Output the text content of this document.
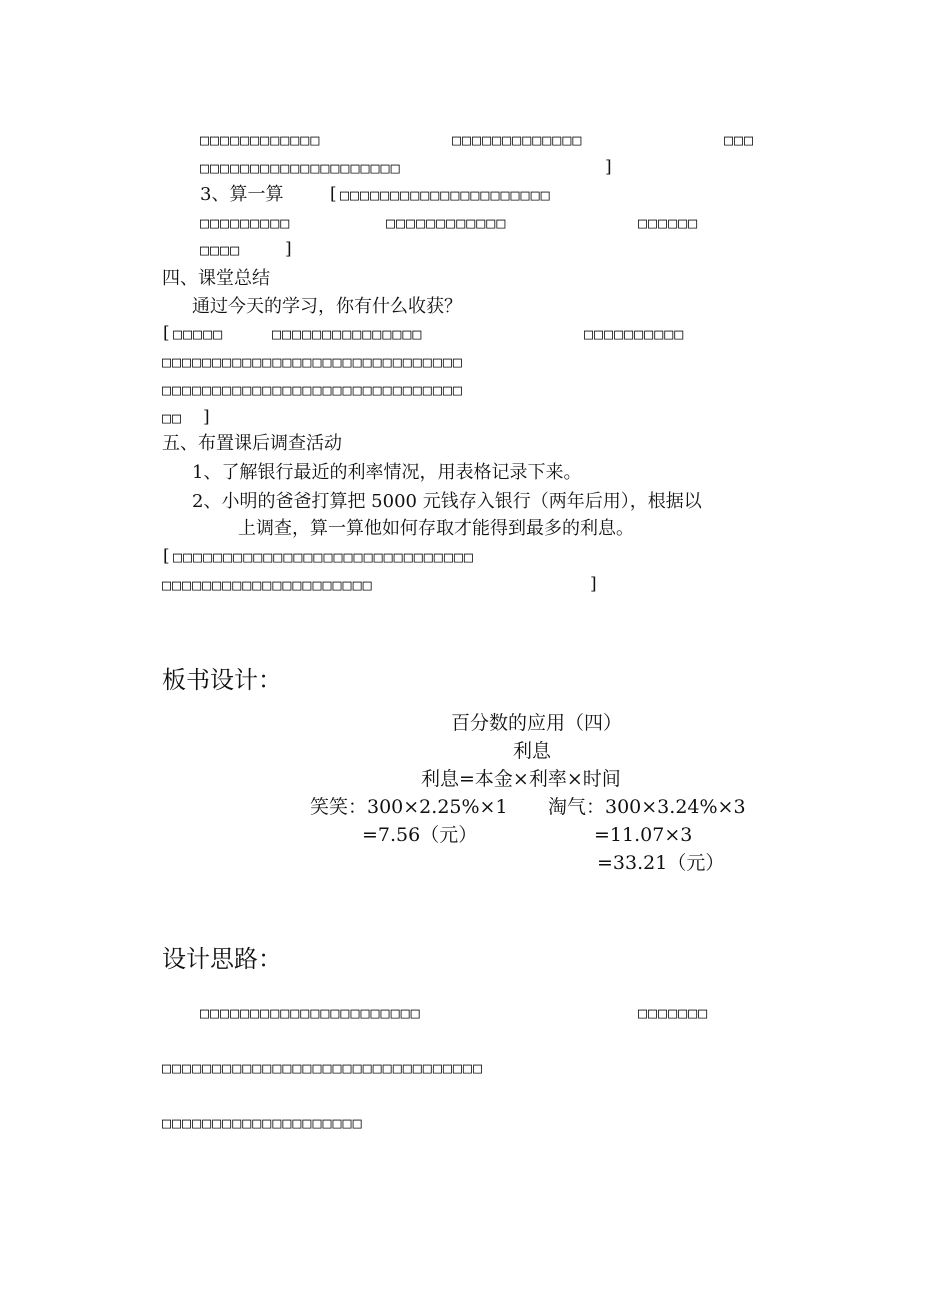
□□□□□□□□□□□□	□□□□□□□□□□□□□	□□□
□□□□□□□□□□□□□□□□□□□□	]
3、算一算	[ □□□□□□□□□□□□□□□□□□□□□
□□□□□□□□□	□□□□□□□□□□□□	□□□□□□
□□□□	]
四、课堂总结
通过今天的学习，你有什么收获？
[ □□□□□	□□□□□□□□□□□□□□□	□□□□□□□□□□
□□□□□□□□□□□□□□□□□□□□□□□□□□□□□□
□□□□□□□□□□□□□□□□□□□□□□□□□□□□□□
□□ ]
五、布置课后调查活动
1、了解银行最近的利率情况，用表格记录下来。
2、小明的爸爸打算把 5000 元钱存入银行（两年后用），根据以
上调查，算一算他如何存取才能得到最多的利息。
[ □□□□□□□□□□□□□□□□□□□□□□□□□□□□□□
□□□□□□□□□□□□□□□□□□□□□	]
板书设计：
百分数的应用（四）
利息
利息=本金×利率×时间
笑笑：300×2.25%×1 淘气：300×3.24%×3
=7.56（元）	=11.07×3
=33.21（元）
设计思路：
□□□□□□□□□□□□□□□□□□□□□□	□□□□□□□
□□□□□□□□□□□□□□□□□□□□□□□□□□□□□□□□
□□□□□□□□□□□□□□□□□□□□
